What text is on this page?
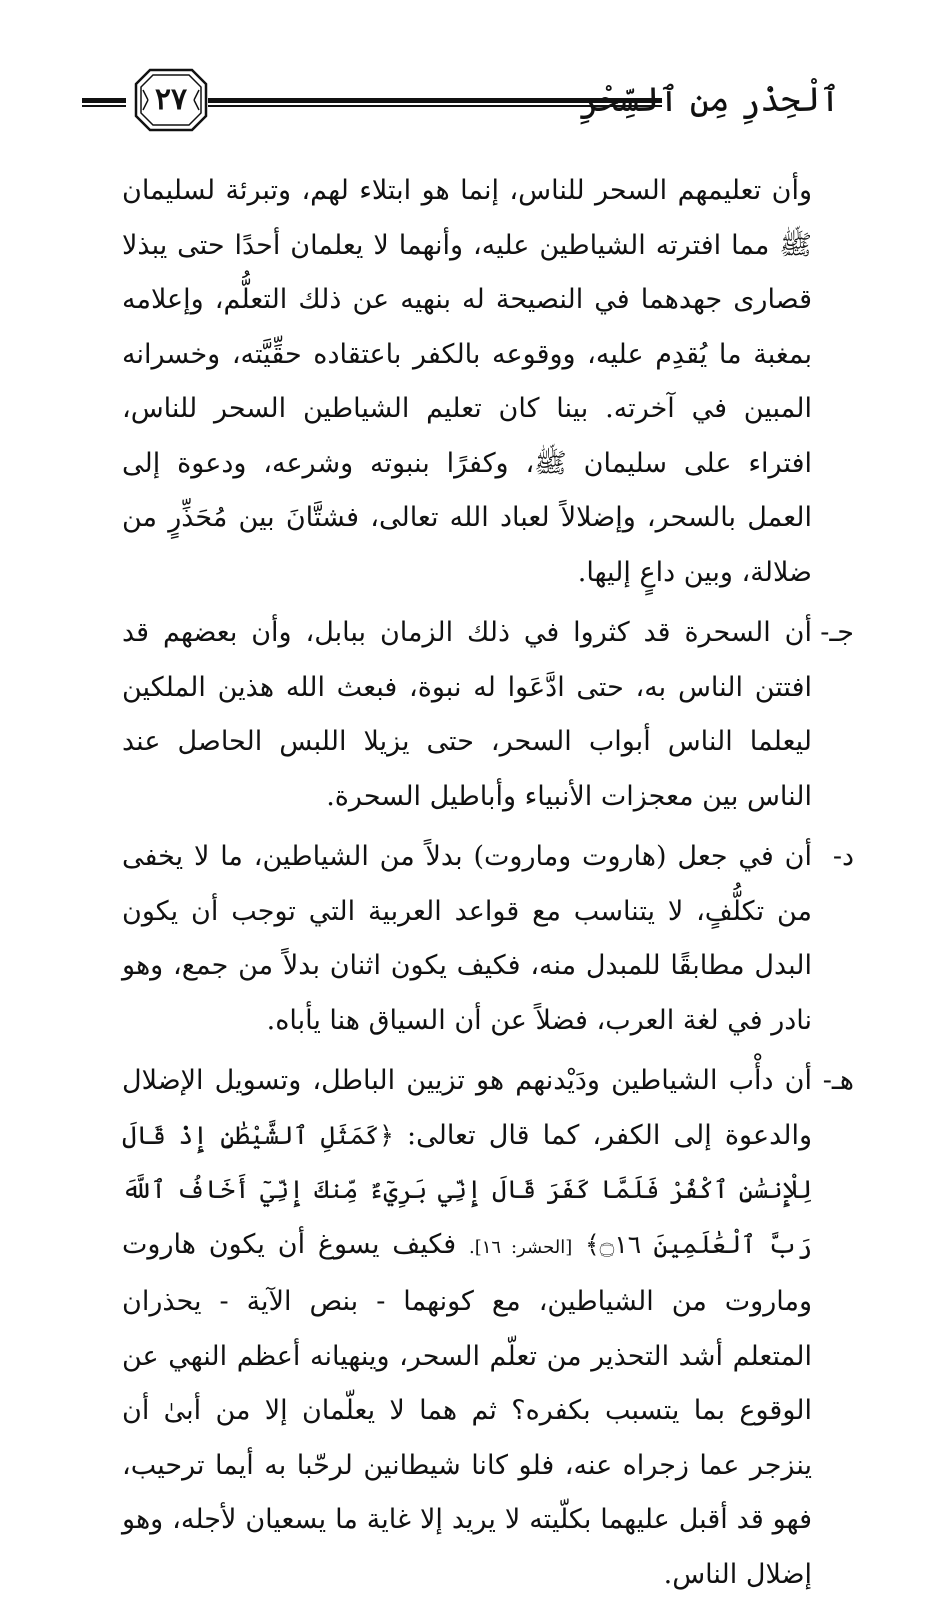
ٱلْحِذْرِ مِن ٱلسِّحْرِ
٢٧

وأن تعليمهم السحر للناس، إنما هو ابتلاء لهم، وتبرئة لسليمان ﷺ مما افترته الشياطين عليه، وأنهما لا يعلمان أحدًا حتى يبذلا قصارى جهدهما في النصيحة له بنهيه عن ذلك التعلُّم، وإعلامه بمغبة ما يُقدِم عليه، ووقوعه بالكفر باعتقاده حقِّيَّته، وخسرانه المبين في آخرته. بينا كان تعليم الشياطين السحر للناس، افتراء على سليمان ﷺ، وكفرًا بنبوته وشرعه، ودعوة إلى العمل بالسحر، وإضلالاً لعباد الله تعالى، فشتَّانَ بين مُحَذِّرٍ من ضلالة، وبين داعٍ إليها.

جـ-

أن السحرة قد كثروا في ذلك الزمان ببابل، وأن بعضهم قد افتتن الناس به، حتى ادَّعَوا له نبوة، فبعث الله هذين الملكين ليعلما الناس أبواب السحر، حتى يزيلا اللبس الحاصل عند الناس بين معجزات الأنبياء وأباطيل السحرة.

د-

أن في جعل (هاروت وماروت) بدلاً من الشياطين، ما لا يخفى من تكلُّفٍ، لا يتناسب مع قواعد العربية التي توجب أن يكون البدل مطابقًا للمبدل منه، فكيف يكون اثنان بدلاً من جمع، وهو نادر في لغة العرب، فضلاً عن أن السياق هنا يأباه.

هـ-

أن دأْب الشياطين ودَيْدنهم هو تزيين الباطل، وتسويل الإضلال والدعوة إلى الكفر، كما قال تعالى: ﴿كَمَثَلِ ٱلشَّيْطَٰنِ إِذْ قَالَ لِلْإِنسَٰنِ ٱكْفُرْ فَلَمَّا كَفَرَ قَالَ إِنِّي بَرِيٓءٌ مِّنكَ إِنِّيٓ أَخَافُ ٱللَّهَ رَبَّ ٱلْعَٰلَمِينَ ۝١٦﴾ [الحشر: ١٦]. فكيف يسوغ أن يكون هاروت وماروت من الشياطين، مع كونهما - بنص الآية - يحذران المتعلم أشد التحذير من تعلّم السحر، وينهيانه أعظم النهي عن الوقوع بما يتسبب بكفره؟ ثم هما لا يعلّمان إلا من أبىٰ أن ينزجر عما زجراه عنه، فلو كانا شيطانين لرحّبا به أيما ترحيب، فهو قد أقبل عليهما بكلّيته لا يريد إلا غاية ما يسعيان لأجله، وهو إضلال الناس.
